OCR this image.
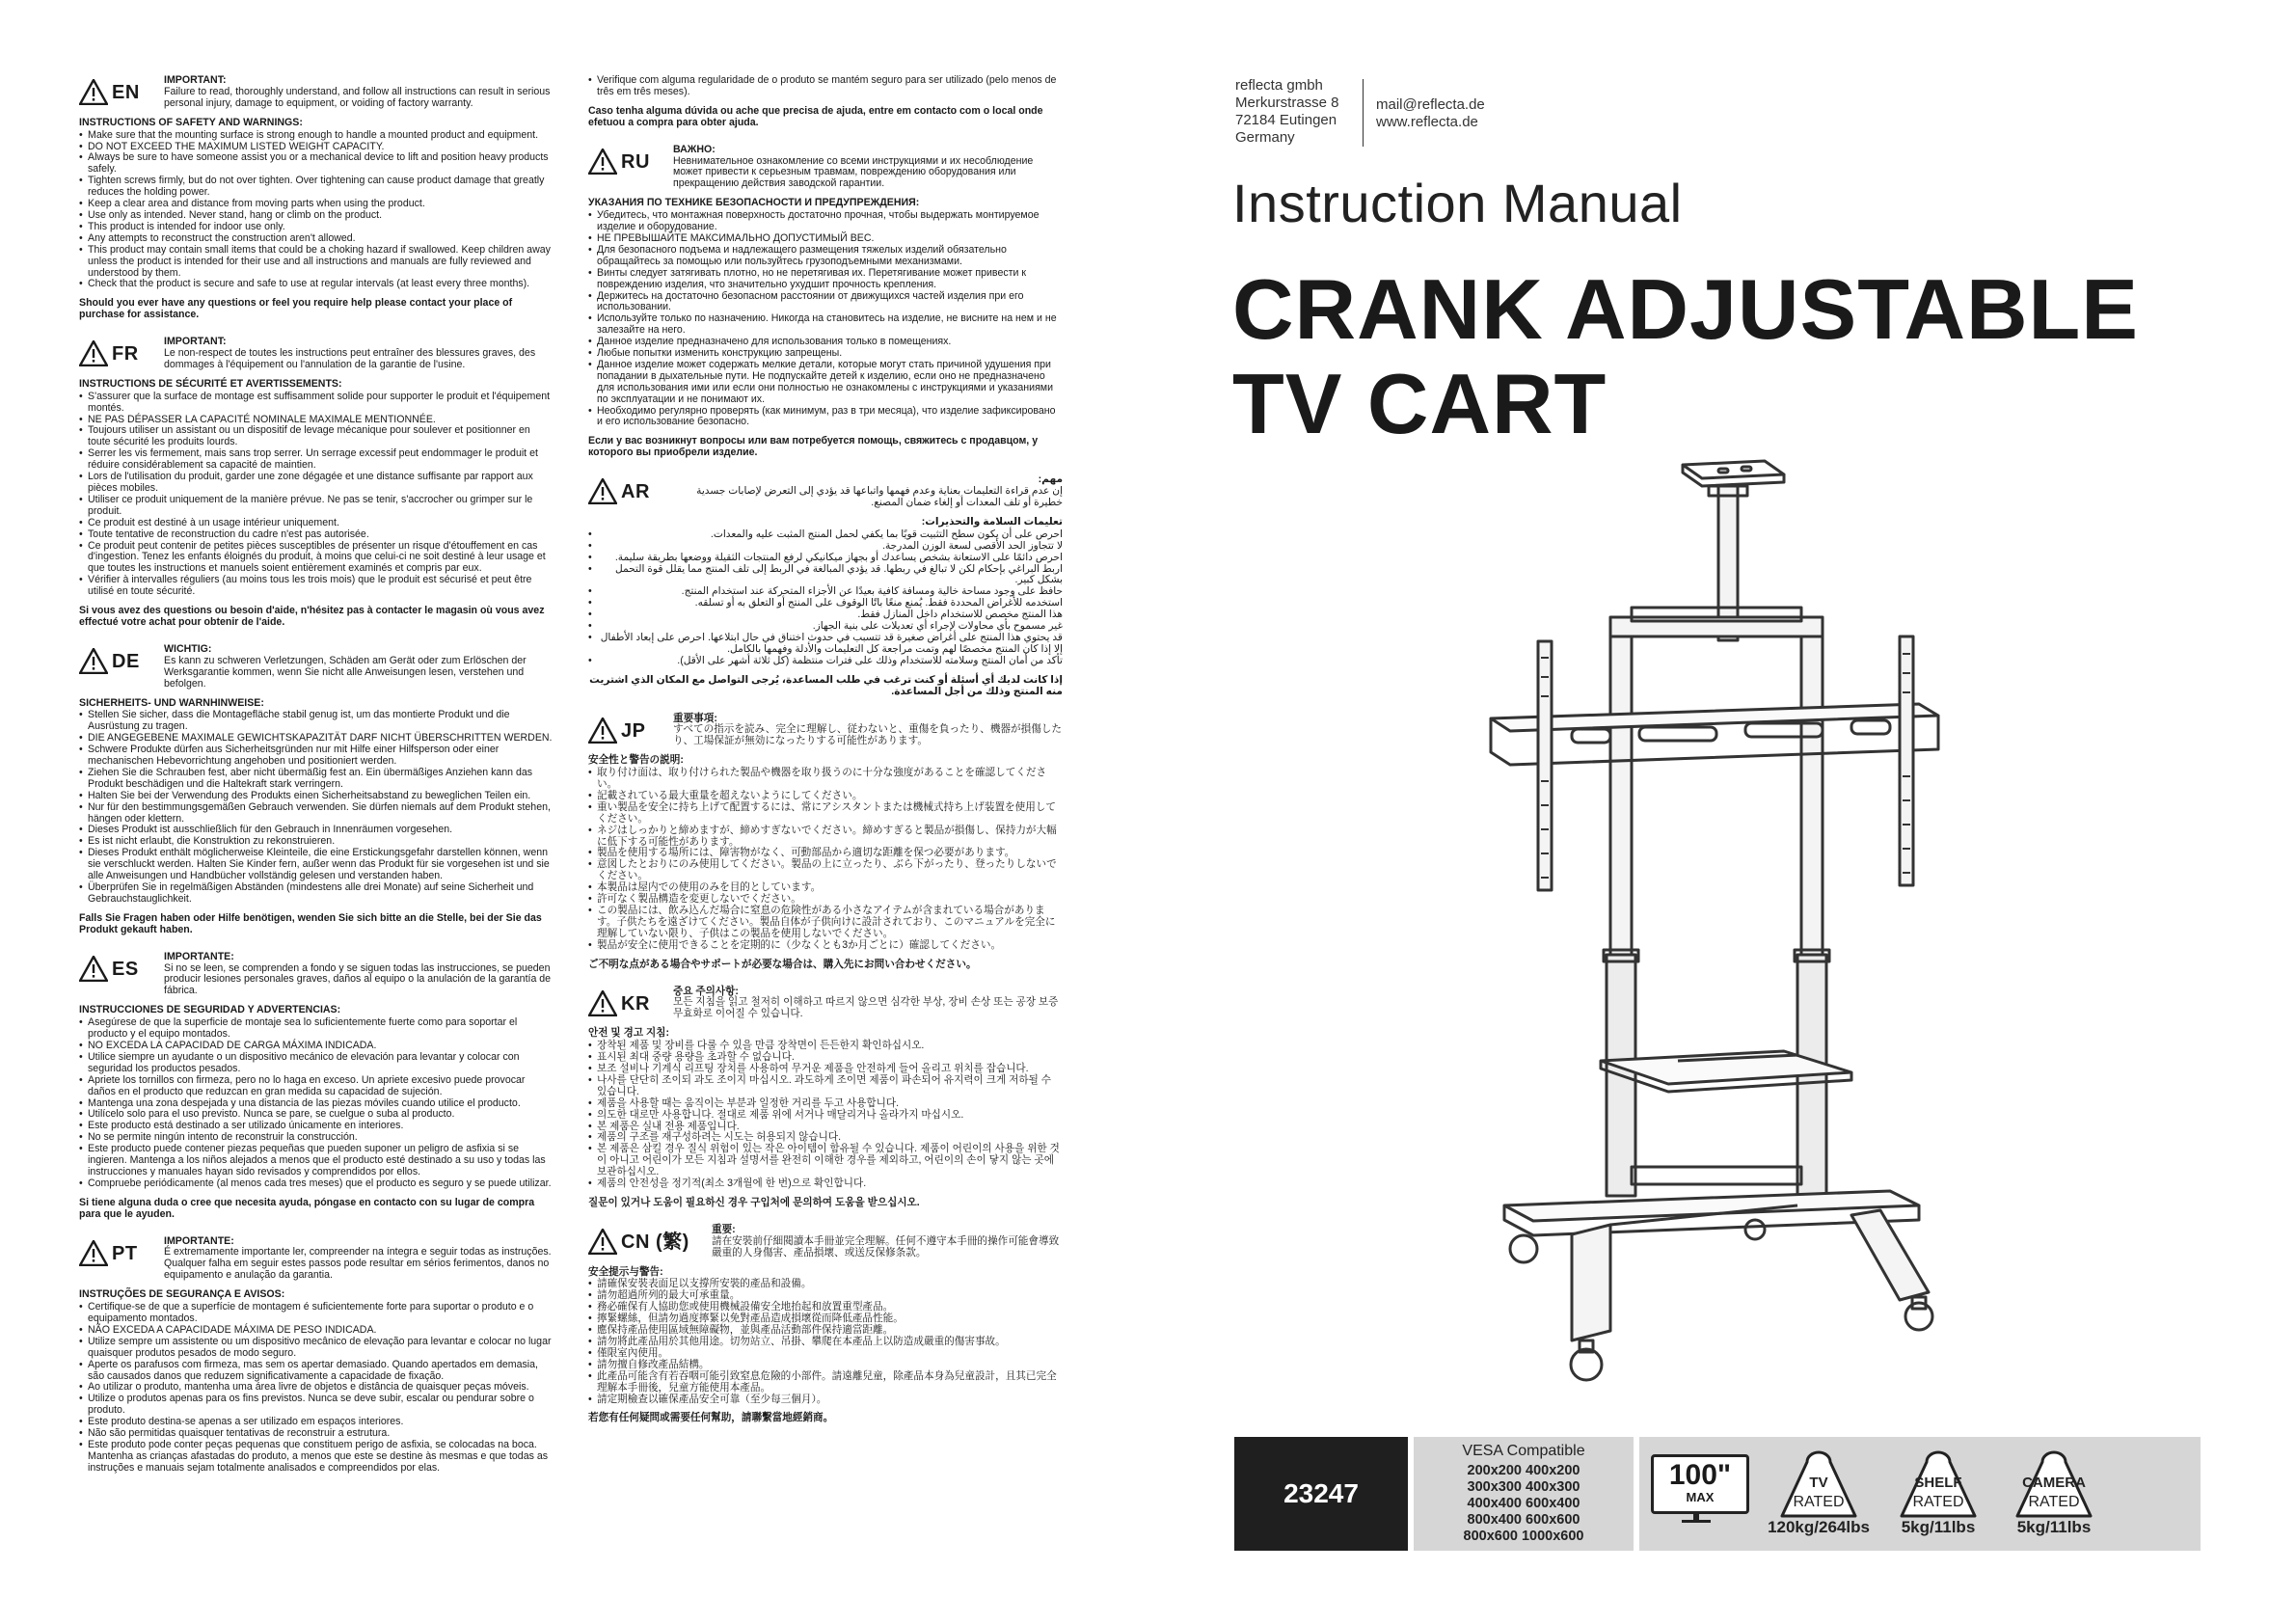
EN
IMPORTANT:
Failure to read, thoroughly understand, and follow all instructions can result in serious personal injury, damage to equipment, or voiding of factory warranty.
INSTRUCTIONS OF SAFETY AND WARNINGS:
• Make sure that the mounting surface is strong enough to handle a mounted product and equipment.
• DO NOT EXCEED THE MAXIMUM LISTED WEIGHT CAPACITY.
• Always be sure to have someone assist you or a mechanical device to lift and position heavy products safely.
• Tighten screws firmly, but do not over tighten. Over tightening can cause product damage that greatly reduces the holding power.
• Keep a clear area and distance from moving parts when using the product.
• Use only as intended. Never stand, hang or climb on the product.
• This product is intended for indoor use only.
• Any attempts to reconstruct the construction aren't allowed.
• This product may contain small items that could be a choking hazard if swallowed. Keep children away unless the product is intended for their use and all instructions and manuals are fully reviewed and understood by them.
• Check that the product is secure and safe to use at regular intervals (at least every three months).
Should you ever have any questions or feel you require help please contact your place of purchase for assistance.
FR
IMPORTANT:
Le non-respect de toutes les instructions peut entraîner des blessures graves, des dommages à l'équipement ou l'annulation de la garantie de l'usine.
INSTRUCTIONS DE SÉCURITÉ ET AVERTISSEMENTS:
• S'assurer que la surface de montage est suffisamment solide pour supporter le produit et l'équipement montés.
• NE PAS DÉPASSER LA CAPACITÉ NOMINALE MAXIMALE MENTIONNÉE.
• Toujours utiliser un assistant ou un dispositif de levage mécanique pour soulever et positionner en toute sécurité les produits lourds.
• Serrer les vis fermement, mais sans trop serrer. Un serrage excessif peut endommager le produit et réduire considérablement sa capacité de maintien.
• Lors de l'utilisation du produit, garder une zone dégagée et une distance suffisante par rapport aux pièces mobiles.
• Utiliser ce produit uniquement de la manière prévue. Ne pas se tenir, s'accrocher ou grimper sur le produit.
• Ce produit est destiné à un usage intérieur uniquement.
• Toute tentative de reconstruction du cadre n'est pas autorisée.
• Ce produit peut contenir de petites pièces susceptibles de présenter un risque d'étouffement en cas d'ingestion. Tenez les enfants éloignés du produit, à moins que celui-ci ne soit destiné à leur usage et que toutes les instructions et manuels soient entièrement examinés et compris par eux.
• Vérifier à intervalles réguliers (au moins tous les trois mois) que le produit est sécurisé et peut être utilisé en toute sécurité.
Si vous avez des questions ou besoin d'aide, n'hésitez pas à contacter le magasin où vous avez effectué votre achat pour obtenir de l'aide.
DE
WICHTIG:
Es kann zu schweren Verletzungen, Schäden am Gerät oder zum Erlöschen der Werksgarantie kommen, wenn Sie nicht alle Anweisungen lesen, verstehen und befolgen.
SICHERHEITS- UND WARNHINWEISE:
• Stellen Sie sicher, dass die Montagefläche stabil genug ist, um das montierte Produkt und die Ausrüstung zu tragen.
• DIE ANGEGEBENE MAXIMALE GEWICHTSKAPAZITÄT DARF NICHT ÜBERSCHRITTEN WERDEN.
• Schwere Produkte dürfen aus Sicherheitsgründen nur mit Hilfe einer Hilfsperson oder einer mechanischen Hebevorrichtung angehoben und positioniert werden.
• Ziehen Sie die Schrauben fest, aber nicht übermäßig fest an. Ein übermäßiges Anziehen kann das Produkt beschädigen und die Haltekraft stark verringern.
• Halten Sie bei der Verwendung des Produkts einen Sicherheitsabstand zu beweglichen Teilen ein.
• Nur für den bestimmungsgemäßen Gebrauch verwenden. Sie dürfen niemals auf dem Produkt stehen, hängen oder klettern.
• Dieses Produkt ist ausschließlich für den Gebrauch in Innenräumen vorgesehen.
• Es ist nicht erlaubt, die Konstruktion zu rekonstruieren.
• Dieses Produkt enthält möglicherweise Kleinteile, die eine Erstickungsgefahr darstellen können, wenn sie verschluckt werden. Halten Sie Kinder fern, außer wenn das Produkt für sie vorgesehen ist und sie alle Anweisungen und Handbücher vollständig gelesen und verstanden haben.
• Überprüfen Sie in regelmäßigen Abständen (mindestens alle drei Monate) auf seine Sicherheit und Gebrauchstauglichkeit.
Falls Sie Fragen haben oder Hilfe benötigen, wenden Sie sich bitte an die Stelle, bei der Sie das Produkt gekauft haben.
ES
IMPORTANTE:
Si no se leen, se comprenden a fondo y se siguen todas las instrucciones, se pueden producir lesiones personales graves, daños al equipo o la anulación de la garantía de fábrica.
INSTRUCCIONES DE SEGURIDAD Y ADVERTENCIAS:
• Asegúrese de que la superficie de montaje sea lo suficientemente fuerte como para soportar el producto y el equipo montados.
• NO EXCEDA LA CAPACIDAD DE CARGA MÁXIMA INDICADA.
• Utilice siempre un ayudante o un dispositivo mecánico de elevación para levantar y colocar con seguridad los productos pesados.
• Apriete los tornillos con firmeza, pero no lo haga en exceso. Un apriete excesivo puede provocar daños en el producto que reduzcan en gran medida su capacidad de sujeción.
• Mantenga una zona despejada y una distancia de las piezas móviles cuando utilice el producto.
• Utilícelo solo para el uso previsto. Nunca se pare, se cuelgue o suba al producto.
• Este producto está destinado a ser utilizado únicamente en interiores.
• No se permite ningún intento de reconstruir la construcción.
• Este producto puede contener piezas pequeñas que pueden suponer un peligro de asfixia si se ingieren. Mantenga a los niños alejados a menos que el producto esté destinado a su uso y todas las instrucciones y manuales hayan sido revisados y comprendidos por ellos.
• Compruebe periódicamente (al menos cada tres meses) que el producto es seguro y se puede utilizar.
Si tiene alguna duda o cree que necesita ayuda, póngase en contacto con su lugar de compra para que le ayuden.
PT
IMPORTANTE:
É extremamente importante ler, compreender na íntegra e seguir todas as instruções. Qualquer falha em seguir estes passos pode resultar em sérios ferimentos, danos no equipamento e anulação da garantia.
INSTRUÇÕES DE SEGURANÇA E AVISOS:
• Certifique-se de que a superfície de montagem é suficientemente forte para suportar o produto e o equipamento montados.
• NÃO EXCEDA A CAPACIDADE MÁXIMA DE PESO INDICADA.
• Utilize sempre um assistente ou um dispositivo mecânico de elevação para levantar e colocar no lugar quaisquer produtos pesados de modo seguro.
• Aperte os parafusos com firmeza, mas sem os apertar demasiado. Quando apertados em demasia, são causados danos que reduzem significativamente a capacidade de fixação.
• Ao utilizar o produto, mantenha uma área livre de objetos e distância de quaisquer peças móveis.
• Utilize o produtos apenas para os fins previstos. Nunca se deve subir, escalar ou pendurar sobre o produto.
• Este produto destina-se apenas a ser utilizado em espaços interiores.
• Não são permitidas quaisquer tentativas de reconstruir a estrutura.
• Este produto pode conter peças pequenas que constituem perigo de asfixia, se colocadas na boca. Mantenha as crianças afastadas do produto, a menos que este se destine às mesmas e que todas as instruções e manuais sejam totalmente analisados e compreendidos por elas.
• Verifique com alguma regularidade de o produto se mantém seguro para ser utilizado (pelo menos de três em três meses).
Caso tenha alguma dúvida ou ache que precisa de ajuda, entre em contacto com o local onde efetuou a compra para obter ajuda.
RU
ВАЖНО:
Невнимательное ознакомление со всеми инструкциями и их несоблюдение может привести к серьезным травмам, повреждению оборудования или прекращению действия заводской гарантии.
УКАЗАНИЯ ПО ТЕХНИКЕ БЕЗОПАСНОСТИ И ПРЕДУПРЕЖДЕНИЯ:
• Убедитесь, что монтажная поверхность достаточно прочная, чтобы выдержать монтируемое изделие и оборудование.
• НЕ ПРЕВЫШАЙТЕ МАКСИМАЛЬНО ДОПУСТИМЫЙ ВЕС.
• Для безопасного подъема и надлежащего размещения тяжелых изделий обязательно обращайтесь за помощью или пользуйтесь грузоподъемными механизмами.
• Винты следует затягивать плотно, но не перетягивая их. Перетягивание может привести к повреждению изделия, что значительно ухудшит прочность крепления.
• Держитесь на достаточно безопасном расстоянии от движущихся частей изделия при его использовании.
• Используйте только по назначению. Никогда на становитесь на изделие, не висните на нем и не залезайте на него.
• Данное изделие предназначено для использования только в помещениях.
• Любые попытки изменить конструкцию запрещены.
• Данное изделие может содержать мелкие детали, которые могут стать причиной удушения при попадании в дыхательные пути. Не подпускайте детей к изделию, если оно не предназначено для использования ими или если они полностью не ознакомлены с инструкциями и указаниями по эксплуатации и не понимают их.
• Необходимо регулярно проверять (как минимум, раз в три месяца), что изделие зафиксировано и его использование безопасно.
Если у вас возникнут вопросы или вам потребуется помощь, свяжитесь с продавцом, у которого вы приобрели изделие.
AR
مهم:
إن عدم قراءة التعليمات بعناية وعدم فهمها واتباعها قد يؤدي إلى التعرض لإصابات جسدية خطيرة أو تلف المعدات أو إلغاء ضمان المصنع.
تعليمات السلامة والتحذيرات:
• احرص على أن يكون سطح التثبيت قويًا بما يكفي لحمل المنتج المثبت عليه والمعدات.
• لا تتجاوز الحد الأقصى لسعة الوزن المدرجة.
• احرص دائمًا على الاستعانة بشخص يساعدك أو بجهاز ميكانيكي لرفع المنتجات الثقيلة ووضعها بطريقة سليمة.
• اربط البراغي بإحكام لكن لا تبالغ في ربطها. قد يؤدي المبالغة في الربط إلى تلف المنتج مما يقلل قوة التحمل بشكل كبير.
• حافظ على وجود مساحة خالية ومسافة كافية بعيدًا عن الأجزاء المتحركة عند استخدام المنتج.
• استخدمه للأغراض المحددة فقط. يُمنع منعًا باتًا الوقوف على المنتج أو التعلق به أو تسلقه.
• هذا المنتج مخصص للاستخدام داخل المنازل فقط.
• غير مسموح بأي محاولات لإجراء أي تعديلات على بنية الجهاز.
• قد يحتوي هذا المنتج على أغراض صغيرة قد تتسبب في حدوث اختناق في حال ابتلاعها. احرص على إبعاد الأطفال إلا إذا كان المنتج مخصصًا لهم وتمت مراجعة كل التعليمات والأدلة وفهمها بالكامل.
• تأكد من أمان المنتج وسلامته للاستخدام وذلك على فترات منتظمة (كل ثلاثة أشهر على الأقل).
إذا كانت لديك أي أسئلة أو كنت ترغب في طلب المساعدة، يُرجى التواصل مع المكان الذي اشتريت منه المنتج وذلك من أجل المساعدة.
JP
重要事項:
すべての指示を読み、完全に理解し、従わないと、重傷を負ったり、機器が損傷したり、工場保証が無効になったりする可能性があります。
安全性と警告の説明:
• 取り付け面は、取り付けられた製品や機器を取り扱うのに十分な強度があることを確認してください。
• 記載されている最大重量を超えないようにしてください。
• 重い製品を安全に持ち上げて配置するには、常にアシスタントまたは機械式持ち上げ装置を使用してください。
• ネジはしっかりと締めますが、締めすぎないでください。締めすぎると製品が損傷し、保持力が大幅に低下する可能性があります。
• 製品を使用する場所には、障害物がなく、可動部品から適切な距離を保つ必要があります。
• 意図したとおりにのみ使用してください。製品の上に立ったり、ぶら下がったり、登ったりしないでください。
• 本製品は屋内での使用のみを目的としています。
• 許可なく製品構造を変更しないでください。
• この製品には、飲み込んだ場合に窒息の危険性がある小さなアイテムが含まれている場合があります。子供たちを遠ざけてください。製品自体が子供向けに設計されており、このマニュアルを完全に理解していない限り、子供はこの製品を使用しないでください。
• 製品が安全に使用できることを定期的に（少なくとも3か月ごとに）確認してください。
ご不明な点がある場合やサポートが必要な場合は、購入先にお問い合わせください。
KR
중요 주의사항:
모든 지침을 읽고 철저히 이해하고 따르지 않으면 심각한 부상, 장비 손상 또는 공장 보증 무효화로 이어질 수 있습니다.
안전 및 경고 지침:
• 장착된 제품 및 장비를 다룰 수 있을 만큼 장착면이 든든한지 확인하십시오.
• 표시된 최대 중량 용량을 초과할 수 없습니다.
• 보조 설비나 기계식 리프팅 장치를 사용하여 무거운 제품을 안전하게 들어 올리고 위치를 잡습니다.
• 나사를 단단히 조이되 과도 조이지 마십시오. 과도하게 조이면 제품이 파손되어 유지력이 크게 저하될 수 있습니다.
• 제품을 사용할 때는 움직이는 부분과 일정한 거리를 두고 사용합니다.
• 의도한 대로만 사용합니다. 절대로 제품 위에 서거나 매달리거나 올라가지 마십시오.
• 본 제품은 실내 전용 제품입니다.
• 제품의 구조를 재구성하려는 시도는 허용되지 않습니다.
• 본 제품은 삼킬 경우 질식 위험이 있는 작은 아이템이 함유될 수 있습니다. 제품이 어린이의 사용을 위한 것이 아니고 어린이가 모든 지침과 설명서를 완전히 이해한 경우를 제외하고, 어린이의 손이 닿지 않는 곳에 보관하십시오.
• 제품의 안전성을 정기적(최소 3개월에 한 번)으로 확인합니다.
질문이 있거나 도움이 필요하신 경우 구입처에 문의하여 도움을 받으십시오.
CN (繁)
重要:
請在安裝前仔細閱讀本手冊並完全理解。任何不遵守本手冊的操作可能會導致嚴重的人身傷害、產品損壞、或送反保修条款。
安全提示与警告:
• 請確保安裝表面足以支撐所安裝的產品和設備。
• 請勿超過所列的最大可承重量。
• 務必確保有人協助您或使用機械設備安全地抬起和放置重型產品。
• 擰緊螺絲，但請勿過度擰緊以免對產品造成損壞從而降低產品性能。
• 應保持產品使用區域無障礙物，並與產品活動部件保持適當距離。
• 請勿將此產品用於其他用途。切勿站立、吊掛、攀爬在本產品上以防造成嚴重的傷害事故。
• 僅限室內使用。
• 請勿擅自修改產品結構。
• 此產品可能含有若吞咽可能引致窒息危險的小部件。請遠離兒童，除產品本身為兒童設計，且其已完全理解本手冊後，兒童方能使用本產品。
• 請定期檢查以確保產品安全可靠（至少每三個月）。
若您有任何疑問或需要任何幫助，請聯繫當地經銷商。
reflecta gmbh
Merkurstrasse 8
72184 Eutingen
Germany
mail@reflecta.de
www.reflecta.de
Instruction Manual
CRANK ADJUSTABLE
TV CART
23247
VESA Compatible
200x200 400x200
300x300 400x300
400x400 600x400
800x400 600x600
800x600 1000x600
100"
MAX
TV
RATED
120kg/264lbs
SHELF
RATED
5kg/11lbs
CAMERA
RATED
5kg/11lbs
